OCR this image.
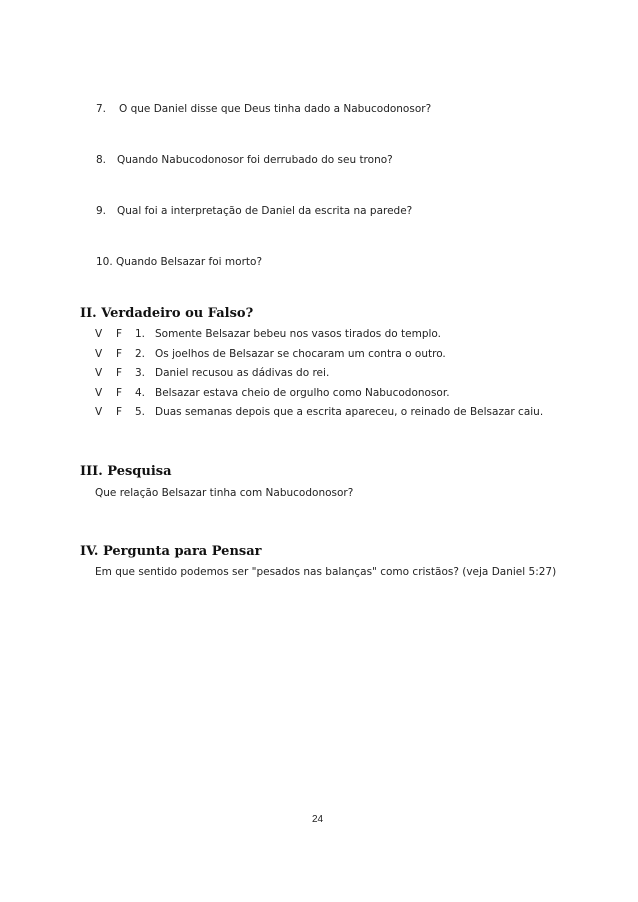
7. O que Daniel disse que Deus tinha dado a Nabucodonosor?
8. Quando Nabucodonosor foi derrubado do seu trono?
9. Qual foi a interpretação de Daniel da escrita na parede?
10. Quando Belsazar foi morto?
II. Verdadeiro ou Falso?
V F 1. Somente Belsazar bebeu nos vasos tirados do templo.
V F 2. Os joelhos de Belsazar se chocaram um contra o outro.
V F 3. Daniel recusou as dádivas do rei.
V F 4. Belsazar estava cheio de orgulho como Nabucodonosor.
V F 5. Duas semanas depois que a escrita apareceu, o reinado de Belsazar caiu.
III. Pesquisa
Que relação Belsazar tinha com Nabucodonosor?
IV. Pergunta para Pensar
Em que sentido podemos ser "pesados nas balanças" como cristãos? (veja Daniel 5:27)
24
